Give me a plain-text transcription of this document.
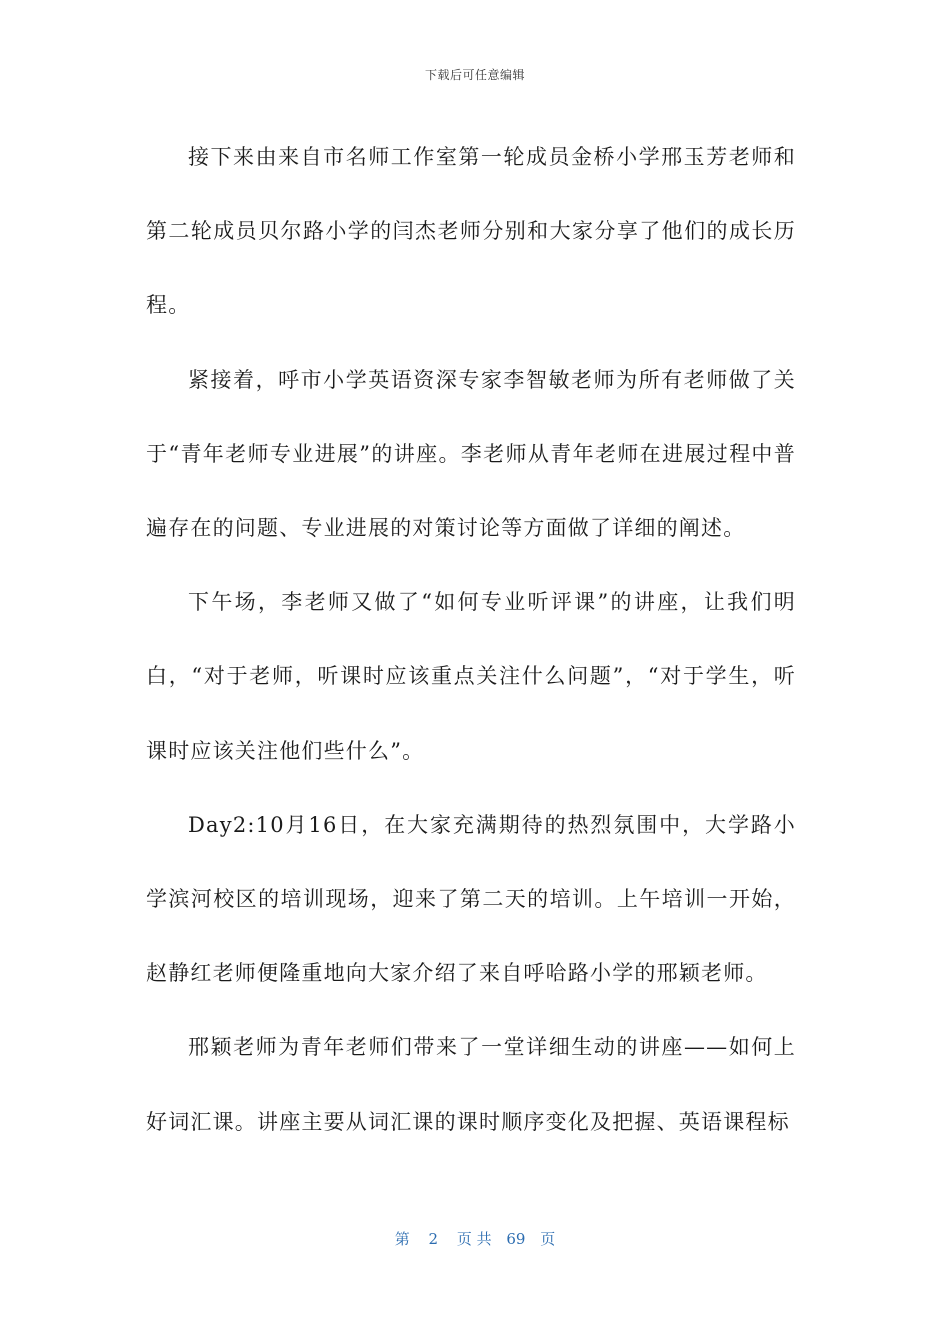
下载后可任意编辑

接下来由来自市名师工作室第一轮成员金桥小学邢玉芳老师和第二轮成员贝尔路小学的闫杰老师分别和大家分享了他们的成长历程。

紧接着，呼市小学英语资深专家李智敏老师为所有老师做了关于“青年老师专业进展”的讲座。李老师从青年老师在进展过程中普遍存在的问题、专业进展的对策讨论等方面做了详细的阐述。

下午场，李老师又做了“如何专业听评课”的讲座，让我们明白，“对于老师，听课时应该重点关注什么问题”，“对于学生，听课时应该关注他们些什么”。

Day2:10月16日，在大家充满期待的热烈氛围中，大学路小学滨河校区的培训现场，迎来了第二天的培训。上午培训一开始，赵静红老师便隆重地向大家介绍了来自呼哈路小学的邢颖老师。

邢颖老师为青年老师们带来了一堂详细生动的讲座——如何上好词汇课。讲座主要从词汇课的课时顺序变化及把握、英语课程标

第 2 页 共 69 页
